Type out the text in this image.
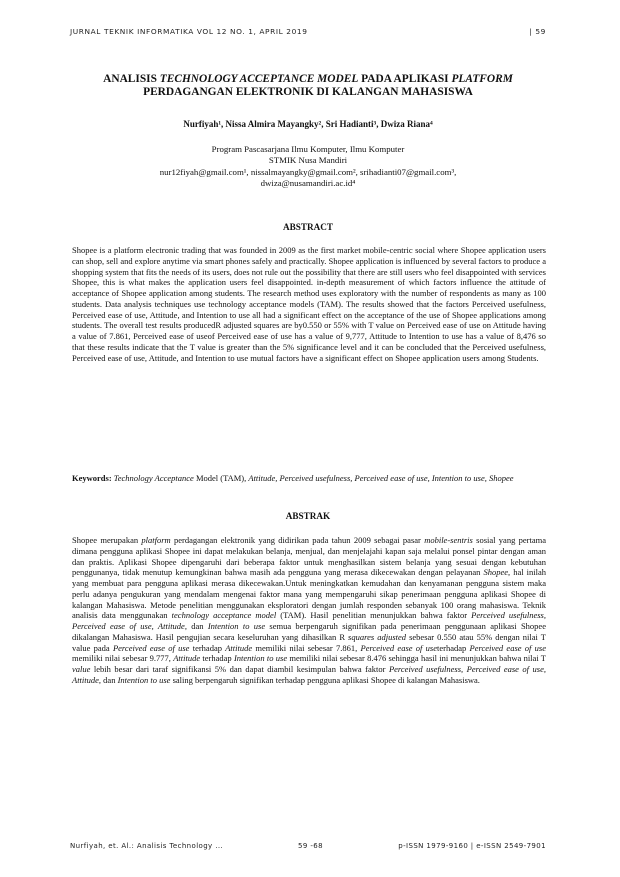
JURNAL TEKNIK INFORMATIKA VOL 12 NO. 1, APRIL 2019	| 59
ANALISIS TECHNOLOGY ACCEPTANCE MODEL PADA APLIKASI PLATFORM
PERDAGANGAN ELEKTRONIK DI KALANGAN MAHASISWA
Nurfiyah¹, Nissa Almira Mayangky², Sri Hadianti³, Dwiza Riana⁴
Program Pascasarjana Ilmu Komputer, Ilmu Komputer
STMIK Nusa Mandiri
nur12fiyah@gmail.com¹, nissalmayangky@gmail.com², srihadianti07@gmail.com³,
dwiza@nusamandiri.ac.id⁴
ABSTRACT
Shopee is a platform electronic trading that was founded in 2009 as the first market mobile-centric social where Shopee application users can shop, sell and explore anytime via smart phones safely and practically. Shopee application is influenced by several factors to produce a shopping system that fits the needs of its users, does not rule out the possibility that there are still users who feel disappointed with services Shopee, this is what makes the application users feel disappointed. in-depth measurement of which factors influence the attitude of acceptance of Shopee application among students. The research method uses exploratory with the number of respondents as many as 100 students. Data analysis techniques use technology acceptance models (TAM). The results showed that the factors Perceived usefulness, Perceived ease of use, Attitude, and Intention to use all had a significant effect on the acceptance of the use of Shopee applications among students. The overall test results producedR adjusted squares are by0.550 or 55% with T value on Perceived ease of use on Attitude having a value of 7.861, Perceived ease of useof Perceived ease of use has a value of 9,777, Attitude to Intention to use has a value of 8,476 so that these results indicate that the T value is greater than the 5% significance level and it can be concluded that the Perceived usefulness, Perceived ease of use, Attitude, and Intention to use mutual factors have a significant effect on Shopee application users among Students.
Keywords: Technology Acceptance Model (TAM), Attitude, Perceived usefulness, Perceived ease of use, Intention to use, Shopee
ABSTRAK
Shopee merupakan platform perdagangan elektronik yang didirikan pada tahun 2009 sebagai pasar mobile-sentris sosial yang pertama dimana pengguna aplikasi Shopee ini dapat melakukan belanja, menjual, dan menjelajahi kapan saja melalui ponsel pintar dengan aman dan praktis. Aplikasi Shopee dipengaruhi dari beberapa faktor untuk menghasilkan sistem belanja yang sesuai dengan kebutuhan penggunanya, tidak menutup kemungkinan bahwa masih ada pengguna yang merasa dikecewakan dengan pelayanan Shopee, hal inilah yang membuat para pengguna aplikasi merasa dikecewakan.Untuk meningkatkan kemudahan dan kenyamanan pengguna sistem maka perlu adanya pengukuran yang mendalam mengenai faktor mana yang mempengaruhi sikap penerimaan pengguna aplikasi Shopee di kalangan Mahasiswa. Metode penelitian menggunakan eksploratori dengan jumlah responden sebanyak 100 orang mahasiswa. Teknik analisis data menggunakan technology acceptance model (TAM). Hasil penelitian menunjukkan bahwa faktor Perceived usefulness, Perceived ease of use, Attitude, dan Intention to use semua berpengaruh signifikan pada penerimaan penggunaan aplikasi Shopee dikalangan Mahasiswa. Hasil pengujian secara keseluruhan yang dihasilkan R squares adjusted sebesar 0.550 atau 55% dengan nilai T value pada Perceived ease of use terhadap Attitude memiliki nilai sebesar 7.861, Perceived ease of useterhadap Perceived ease of use memiliki nilai sebesar 9.777, Attitude terhadap Intention to use memiliki nilai sebesar 8.476 sehingga hasil ini menunjukkan bahwa nilai T value lebih besar dari taraf signifikansi 5% dan dapat diambil kesimpulan bahwa faktor Perceived usefulness, Perceived ease of use, Attitude, dan Intention to use saling berpengaruh signifikan terhadap pengguna aplikasi Shopee di kalangan Mahasiswa.
Nurfiyah, et. Al.: Analisis Technology ...	59 -68	p-ISSN 1979-9160 | e-ISSN 2549-7901
